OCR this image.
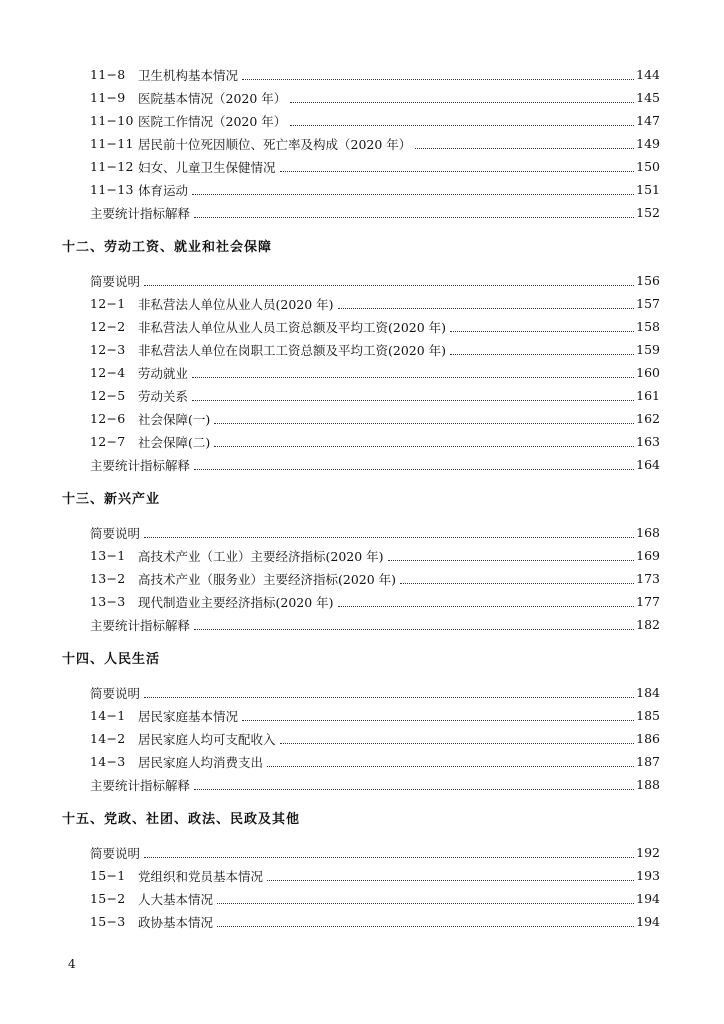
11−8 卫生机构基本情况	144
11−9 医院基本情况（2020 年）	145
11−10 医院工作情况（2020 年）	147
11−11 居民前十位死因顺位、死亡率及构成（2020 年）	149
11−12 妇女、儿童卫生保健情况	150
11−13 体育运动	151
主要统计指标解释	152
十二、劳动工资、就业和社会保障
简要说明	156
12−1 非私营法人单位从业人员(2020 年)	157
12−2 非私营法人单位从业人员工资总额及平均工资(2020 年)	158
12−3 非私营法人单位在岗职工工资总额及平均工资(2020 年)	159
12−4 劳动就业	160
12−5 劳动关系	161
12−6 社会保障(一)	162
12−7 社会保障(二)	163
主要统计指标解释	164
十三、新兴产业
简要说明	168
13−1 高技术产业（工业）主要经济指标(2020 年)	169
13−2 高技术产业（服务业）主要经济指标(2020 年)	173
13−3 现代制造业主要经济指标(2020 年)	177
主要统计指标解释	182
十四、人民生活
简要说明	184
14−1 居民家庭基本情况	185
14−2 居民家庭人均可支配收入	186
14−3 居民家庭人均消费支出	187
主要统计指标解释	188
十五、党政、社团、政法、民政及其他
简要说明	192
15−1 党组织和党员基本情况	193
15−2 人大基本情况	194
15−3 政协基本情况	194
4
